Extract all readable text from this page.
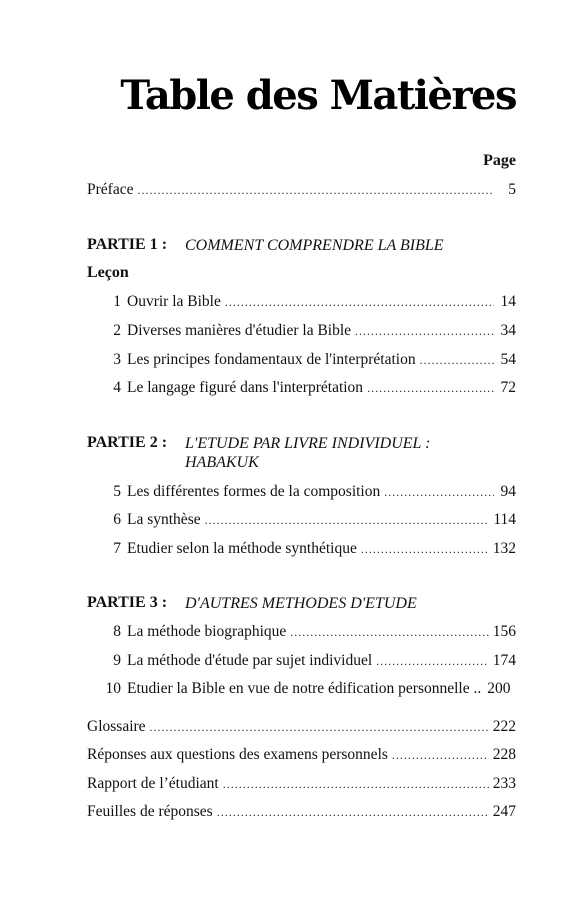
Table des Matières
Page
Préface .....	5
PARTIE 1 :	COMMENT COMPRENDRE LA BIBLE
Leçon
1 Ouvrir la Bible .....	14
2 Diverses manières d'étudier la Bible .....	34
3 Les principes fondamentaux de l'interprétation .....	54
4 Le langage figuré dans l'interprétation .....	72
PARTIE 2 :	L'ETUDE PAR LIVRE INDIVIDUEL :
HABAKUK
5 Les différentes formes de la composition .....	94
6 La synthèse .....	114
7 Etudier selon la méthode synthétique .....	132
PARTIE 3 :	D'AUTRES METHODES D'ETUDE
8 La méthode biographique .....	156
9 La méthode d'étude par sujet individuel .....	174
10 Etudier la Bible en vue de notre édification personnelle .. 200
Glossaire .....	222
Réponses aux questions des examens personnels .....	228
Rapport de l’étudiant .....	233
Feuilles de réponses .....	247
